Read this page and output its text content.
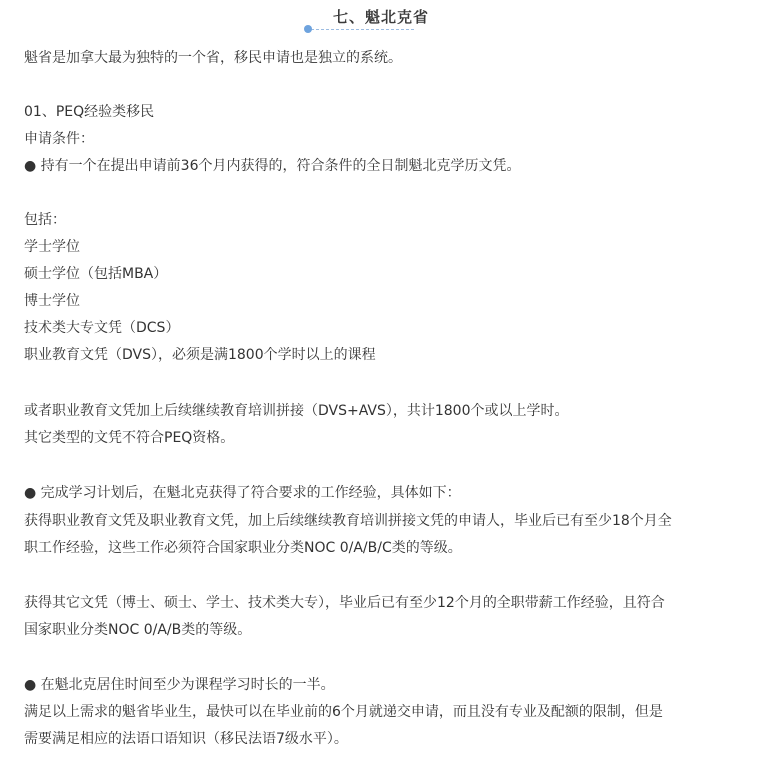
七、魁北克省
魁省是加拿大最为独特的一个省，移民申请也是独立的系统。
01、PEQ经验类移民
申请条件：
● 持有一个在提出申请前36个月内获得的，符合条件的全日制魁北克学历文凭。
包括：
学士学位
硕士学位（包括MBA）
博士学位
技术类大专文凭（DCS）
职业教育文凭（DVS），必须是满1800个学时以上的课程
或者职业教育文凭加上后续继续教育培训拼接（DVS+AVS），共计1800个或以上学时。
其它类型的文凭不符合PEQ资格。
● 完成学习计划后，在魁北克获得了符合要求的工作经验，具体如下：
获得职业教育文凭及职业教育文凭，加上后续继续教育培训拼接文凭的申请人，毕业后已有至少18个月全
职工作经验，这些工作必须符合国家职业分类NOC 0/A/B/C类的等级。
获得其它文凭（博士、硕士、学士、技术类大专），毕业后已有至少12个月的全职带薪工作经验，且符合
国家职业分类NOC 0/A/B类的等级。
● 在魁北克居住时间至少为课程学习时长的一半。
满足以上需求的魁省毕业生，最快可以在毕业前的6个月就递交申请，而且没有专业及配额的限制，但是
需要满足相应的法语口语知识（移民法语7级水平）。
